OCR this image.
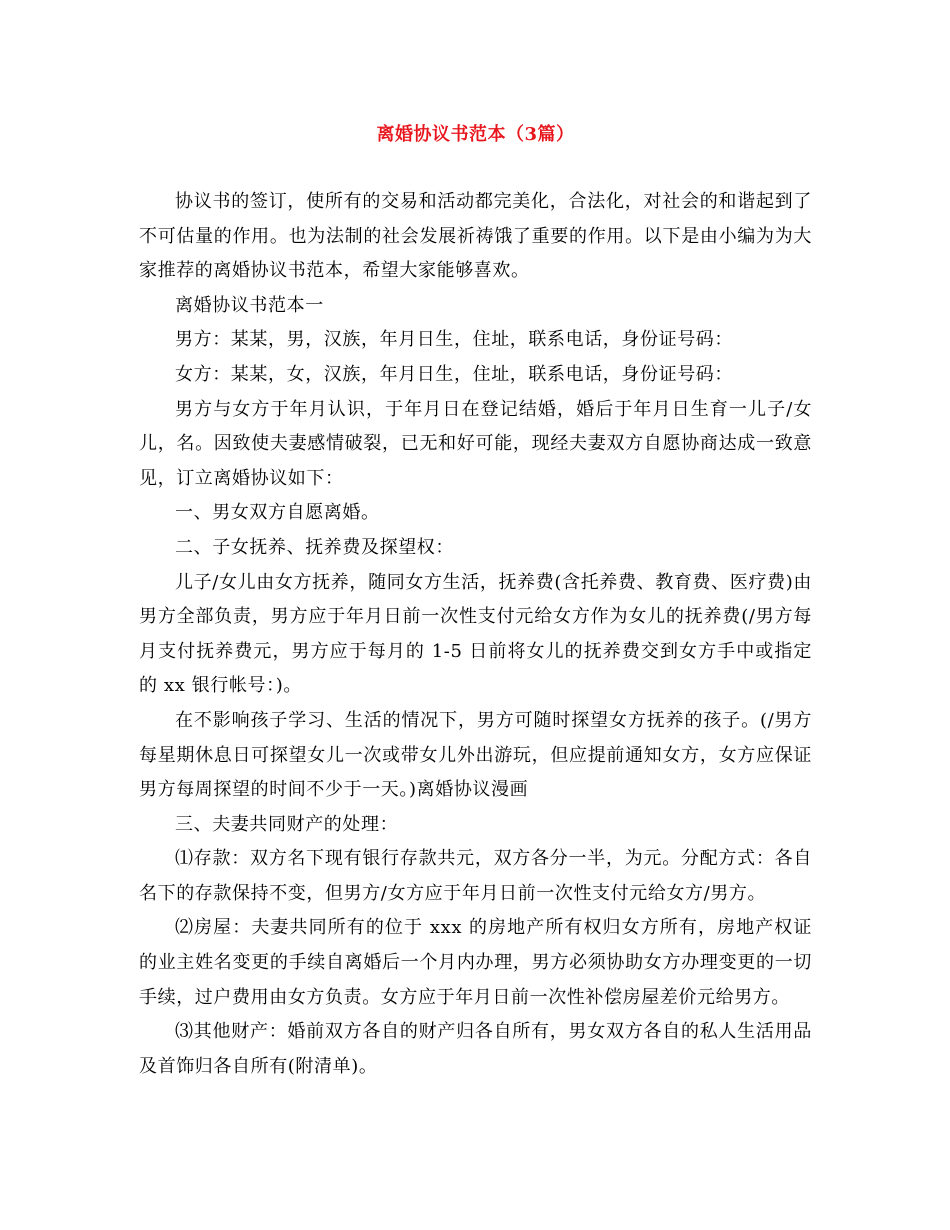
离婚协议书范本（3篇）

协议书的签订，使所有的交易和活动都完美化，合法化，对社会的和谐起到了不可估量的作用。也为法制的社会发展祈祷饿了重要的作用。以下是由小编为为大家推荐的离婚协议书范本，希望大家能够喜欢。

离婚协议书范本一

男方：某某，男，汉族，年月日生，住址，联系电话，身份证号码：

女方：某某，女，汉族，年月日生，住址，联系电话，身份证号码：

男方与女方于年月认识，于年月日在登记结婚，婚后于年月日生育一儿子/女儿，名。因致使夫妻感情破裂，已无和好可能，现经夫妻双方自愿协商达成一致意见，订立离婚协议如下：

一、男女双方自愿离婚。

二、子女抚养、抚养费及探望权：

儿子/女儿由女方抚养，随同女方生活，抚养费(含托养费、教育费、医疗费)由男方全部负责，男方应于年月日前一次性支付元给女方作为女儿的抚养费(/男方每月支付抚养费元，男方应于每月的 1-5 日前将女儿的抚养费交到女方手中或指定的 xx 银行帐号：)。

在不影响孩子学习、生活的情况下，男方可随时探望女方抚养的孩子。(/男方每星期休息日可探望女儿一次或带女儿外出游玩，但应提前通知女方，女方应保证男方每周探望的时间不少于一天。)离婚协议漫画

三、夫妻共同财产的处理：

⑴存款：双方名下现有银行存款共元，双方各分一半，为元。分配方式：各自名下的存款保持不变，但男方/女方应于年月日前一次性支付元给女方/男方。

⑵房屋：夫妻共同所有的位于 xxx 的房地产所有权归女方所有，房地产权证的业主姓名变更的手续自离婚后一个月内办理，男方必须协助女方办理变更的一切手续，过户费用由女方负责。女方应于年月日前一次性补偿房屋差价元给男方。

⑶其他财产：婚前双方各自的财产归各自所有，男女双方各自的私人生活用品及首饰归各自所有(附清单)。
